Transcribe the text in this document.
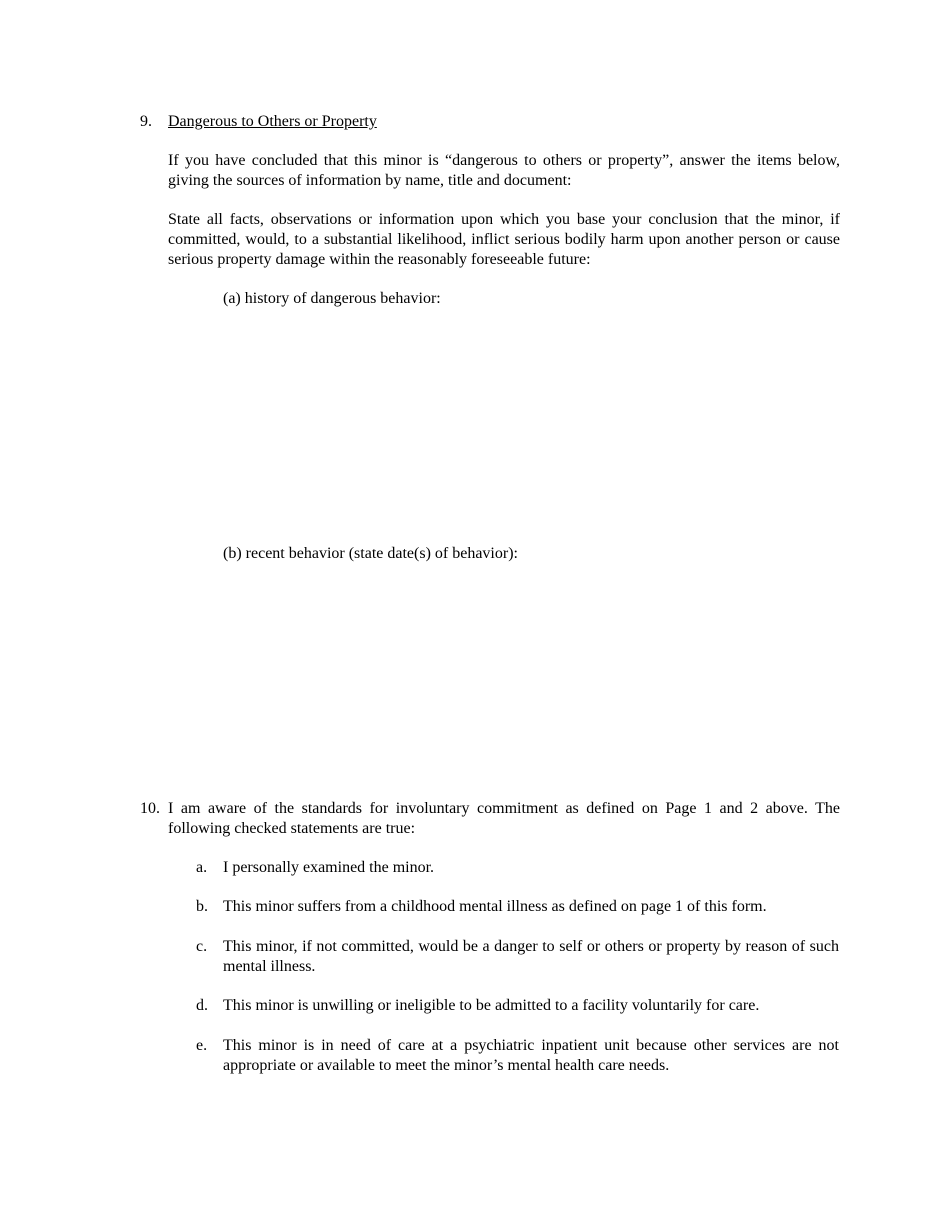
9.	Dangerous to Others or Property
If you have concluded that this minor is “dangerous to others or property”, answer the items below, giving the sources of information by name, title and document:
State all facts, observations or information upon which you base your conclusion that the minor, if committed, would, to a substantial likelihood, inflict serious bodily harm upon another person or cause serious property damage within the reasonably foreseeable future:
(a) history of dangerous behavior:
(b) recent behavior (state date(s) of behavior):
10. I am aware of the standards for involuntary commitment as defined on Page 1 and 2 above. The following checked statements are true:
a. I personally examined the minor.
b. This minor suffers from a childhood mental illness as defined on page 1 of this form.
c. This minor, if not committed, would be a danger to self or others or property by reason of such mental illness.
d. This minor is unwilling or ineligible to be admitted to a facility voluntarily for care.
e. This minor is in need of care at a psychiatric inpatient unit because other services are not appropriate or available to meet the minor’s mental health care needs.
